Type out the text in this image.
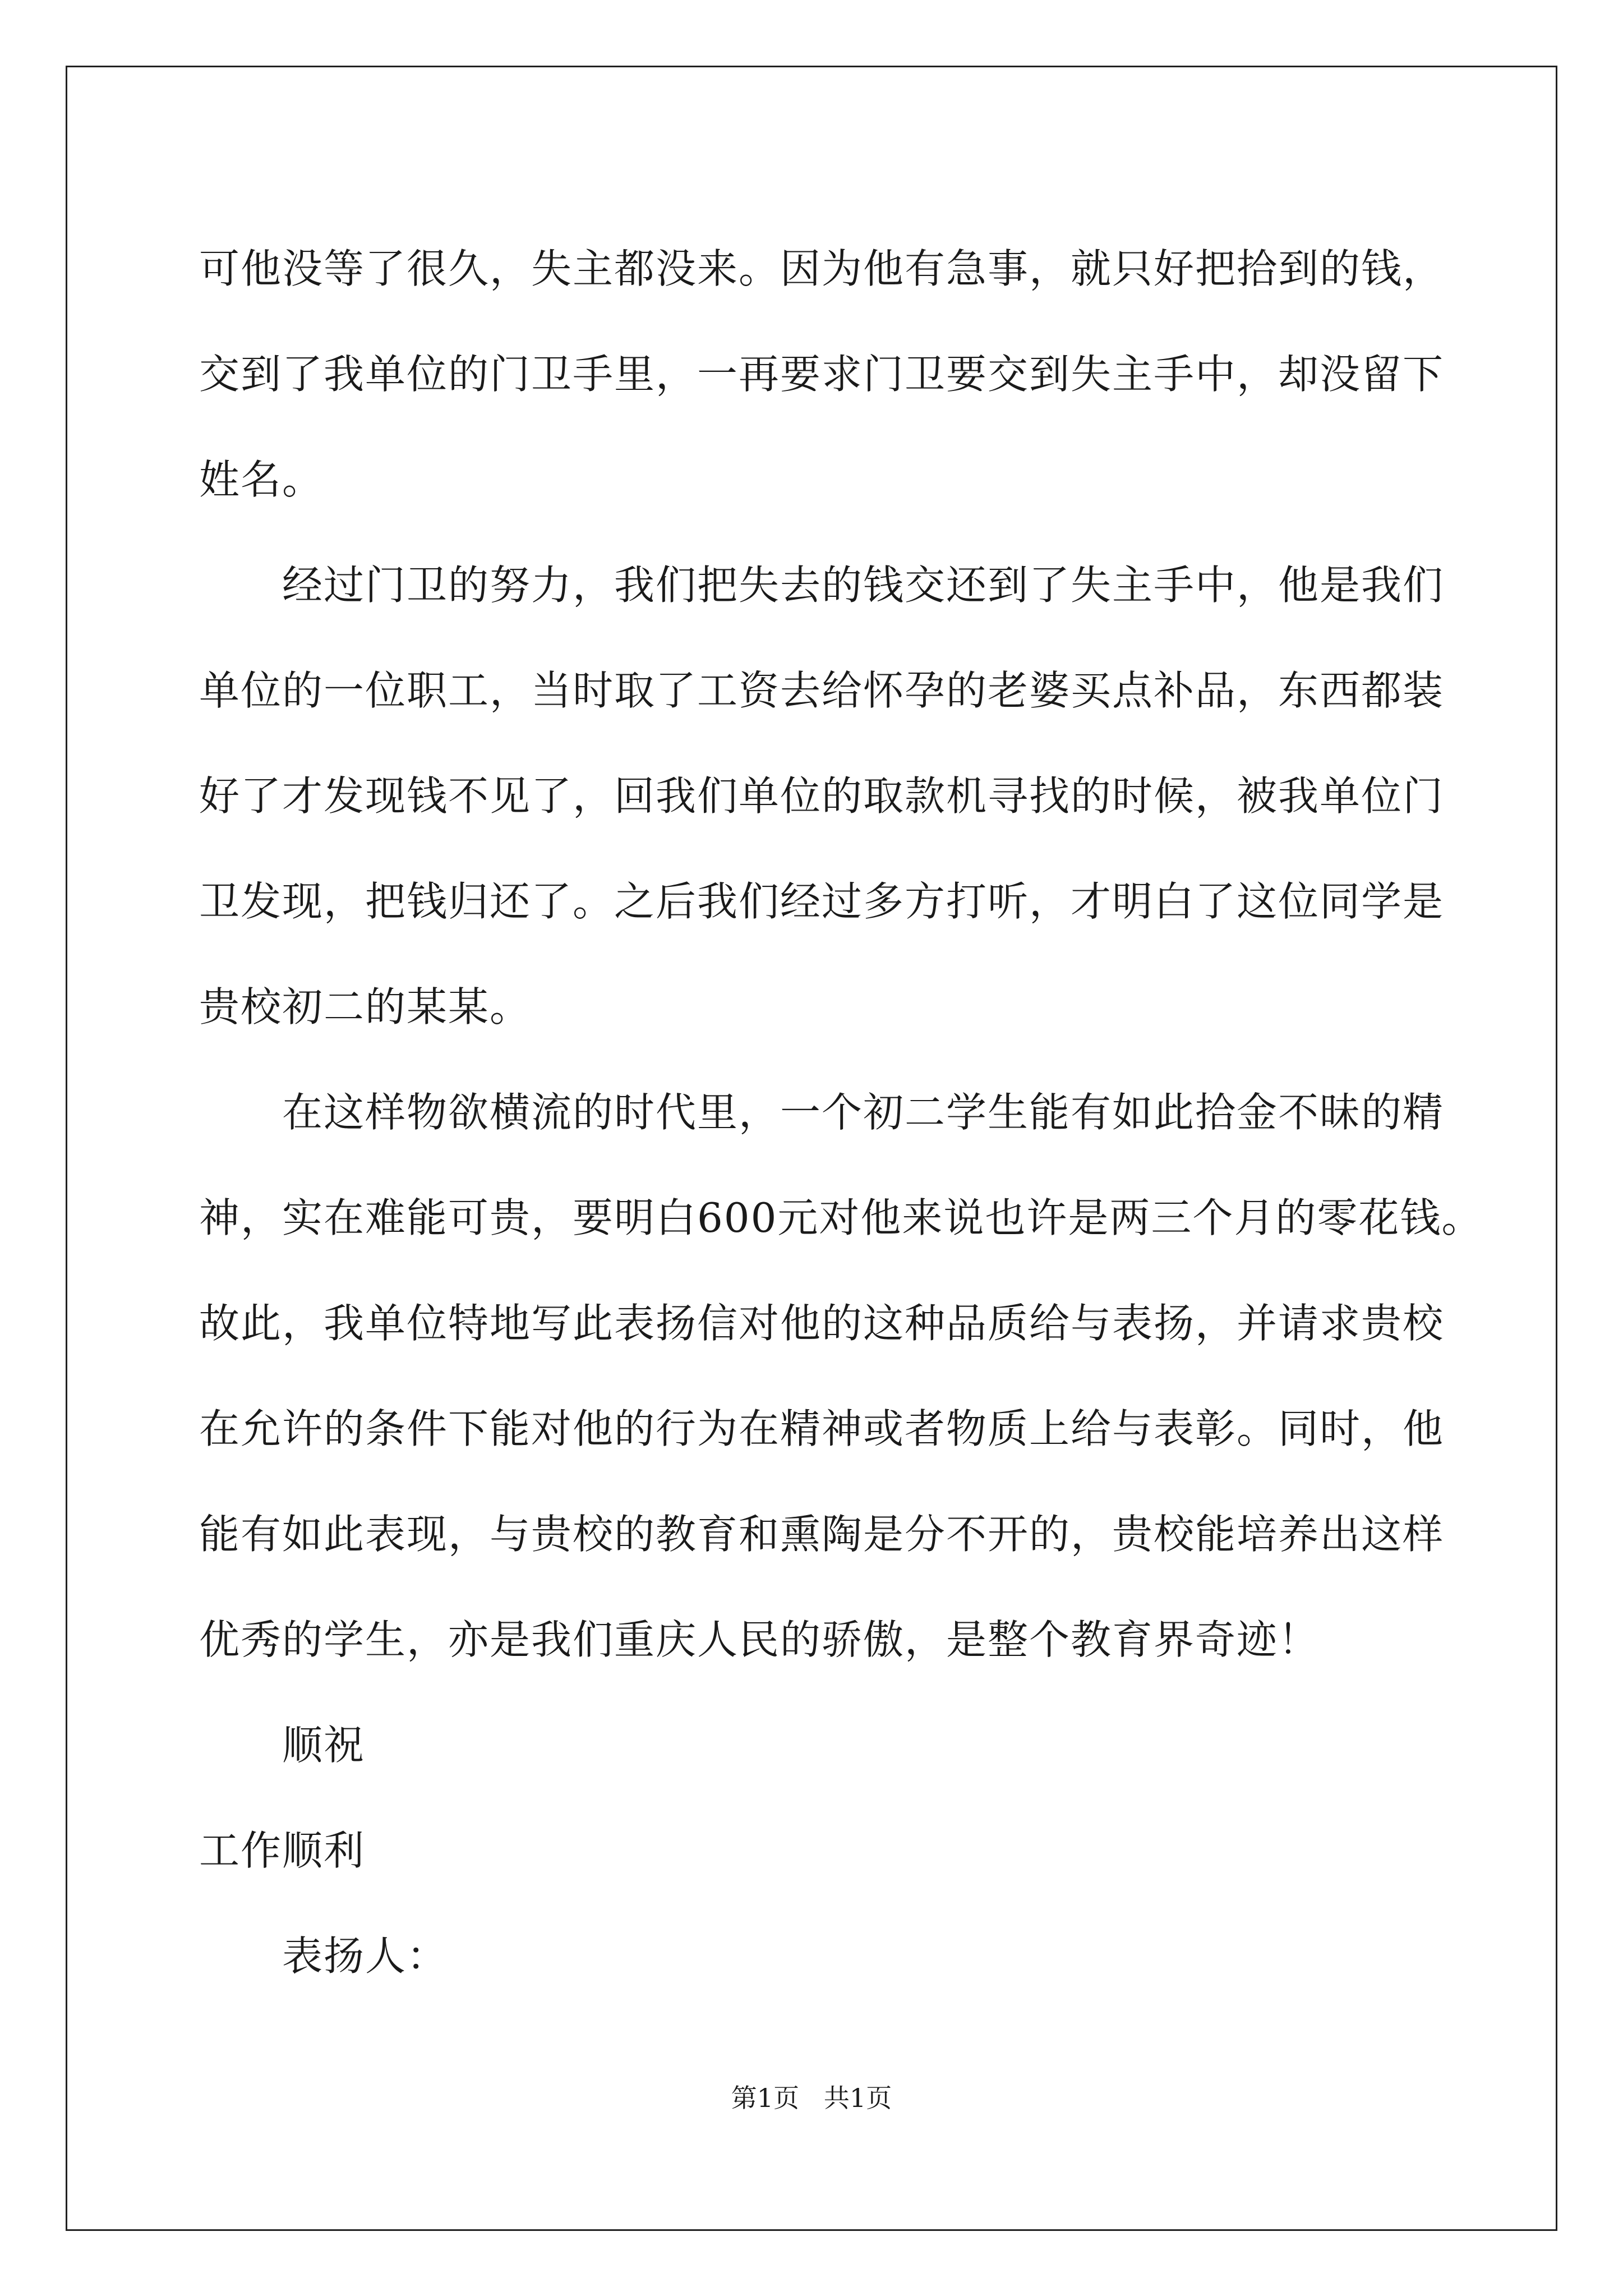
可他没等了很久，失主都没来。因为他有急事，就只好把拾到的钱，
交到了我单位的门卫手里，一再要求门卫要交到失主手中，却没留下
姓名。
经过门卫的努力，我们把失去的钱交还到了失主手中，他是我们
单位的一位职工，当时取了工资去给怀孕的老婆买点补品，东西都装
好了才发现钱不见了，回我们单位的取款机寻找的时候，被我单位门
卫发现，把钱归还了。之后我们经过多方打听，才明白了这位同学是
贵校初二的某某。
在这样物欲横流的时代里，一个初二学生能有如此拾金不昧的精
神，实在难能可贵，要明白600元对他来说也许是两三个月的零花钱。
故此，我单位特地写此表扬信对他的这种品质给与表扬，并请求贵校
在允许的条件下能对他的行为在精神或者物质上给与表彰。同时，他
能有如此表现，与贵校的教育和熏陶是分不开的，贵校能培养出这样
优秀的学生，亦是我们重庆人民的骄傲，是整个教育界奇迹！
顺祝
工作顺利
表扬人：
第1页   共1页
